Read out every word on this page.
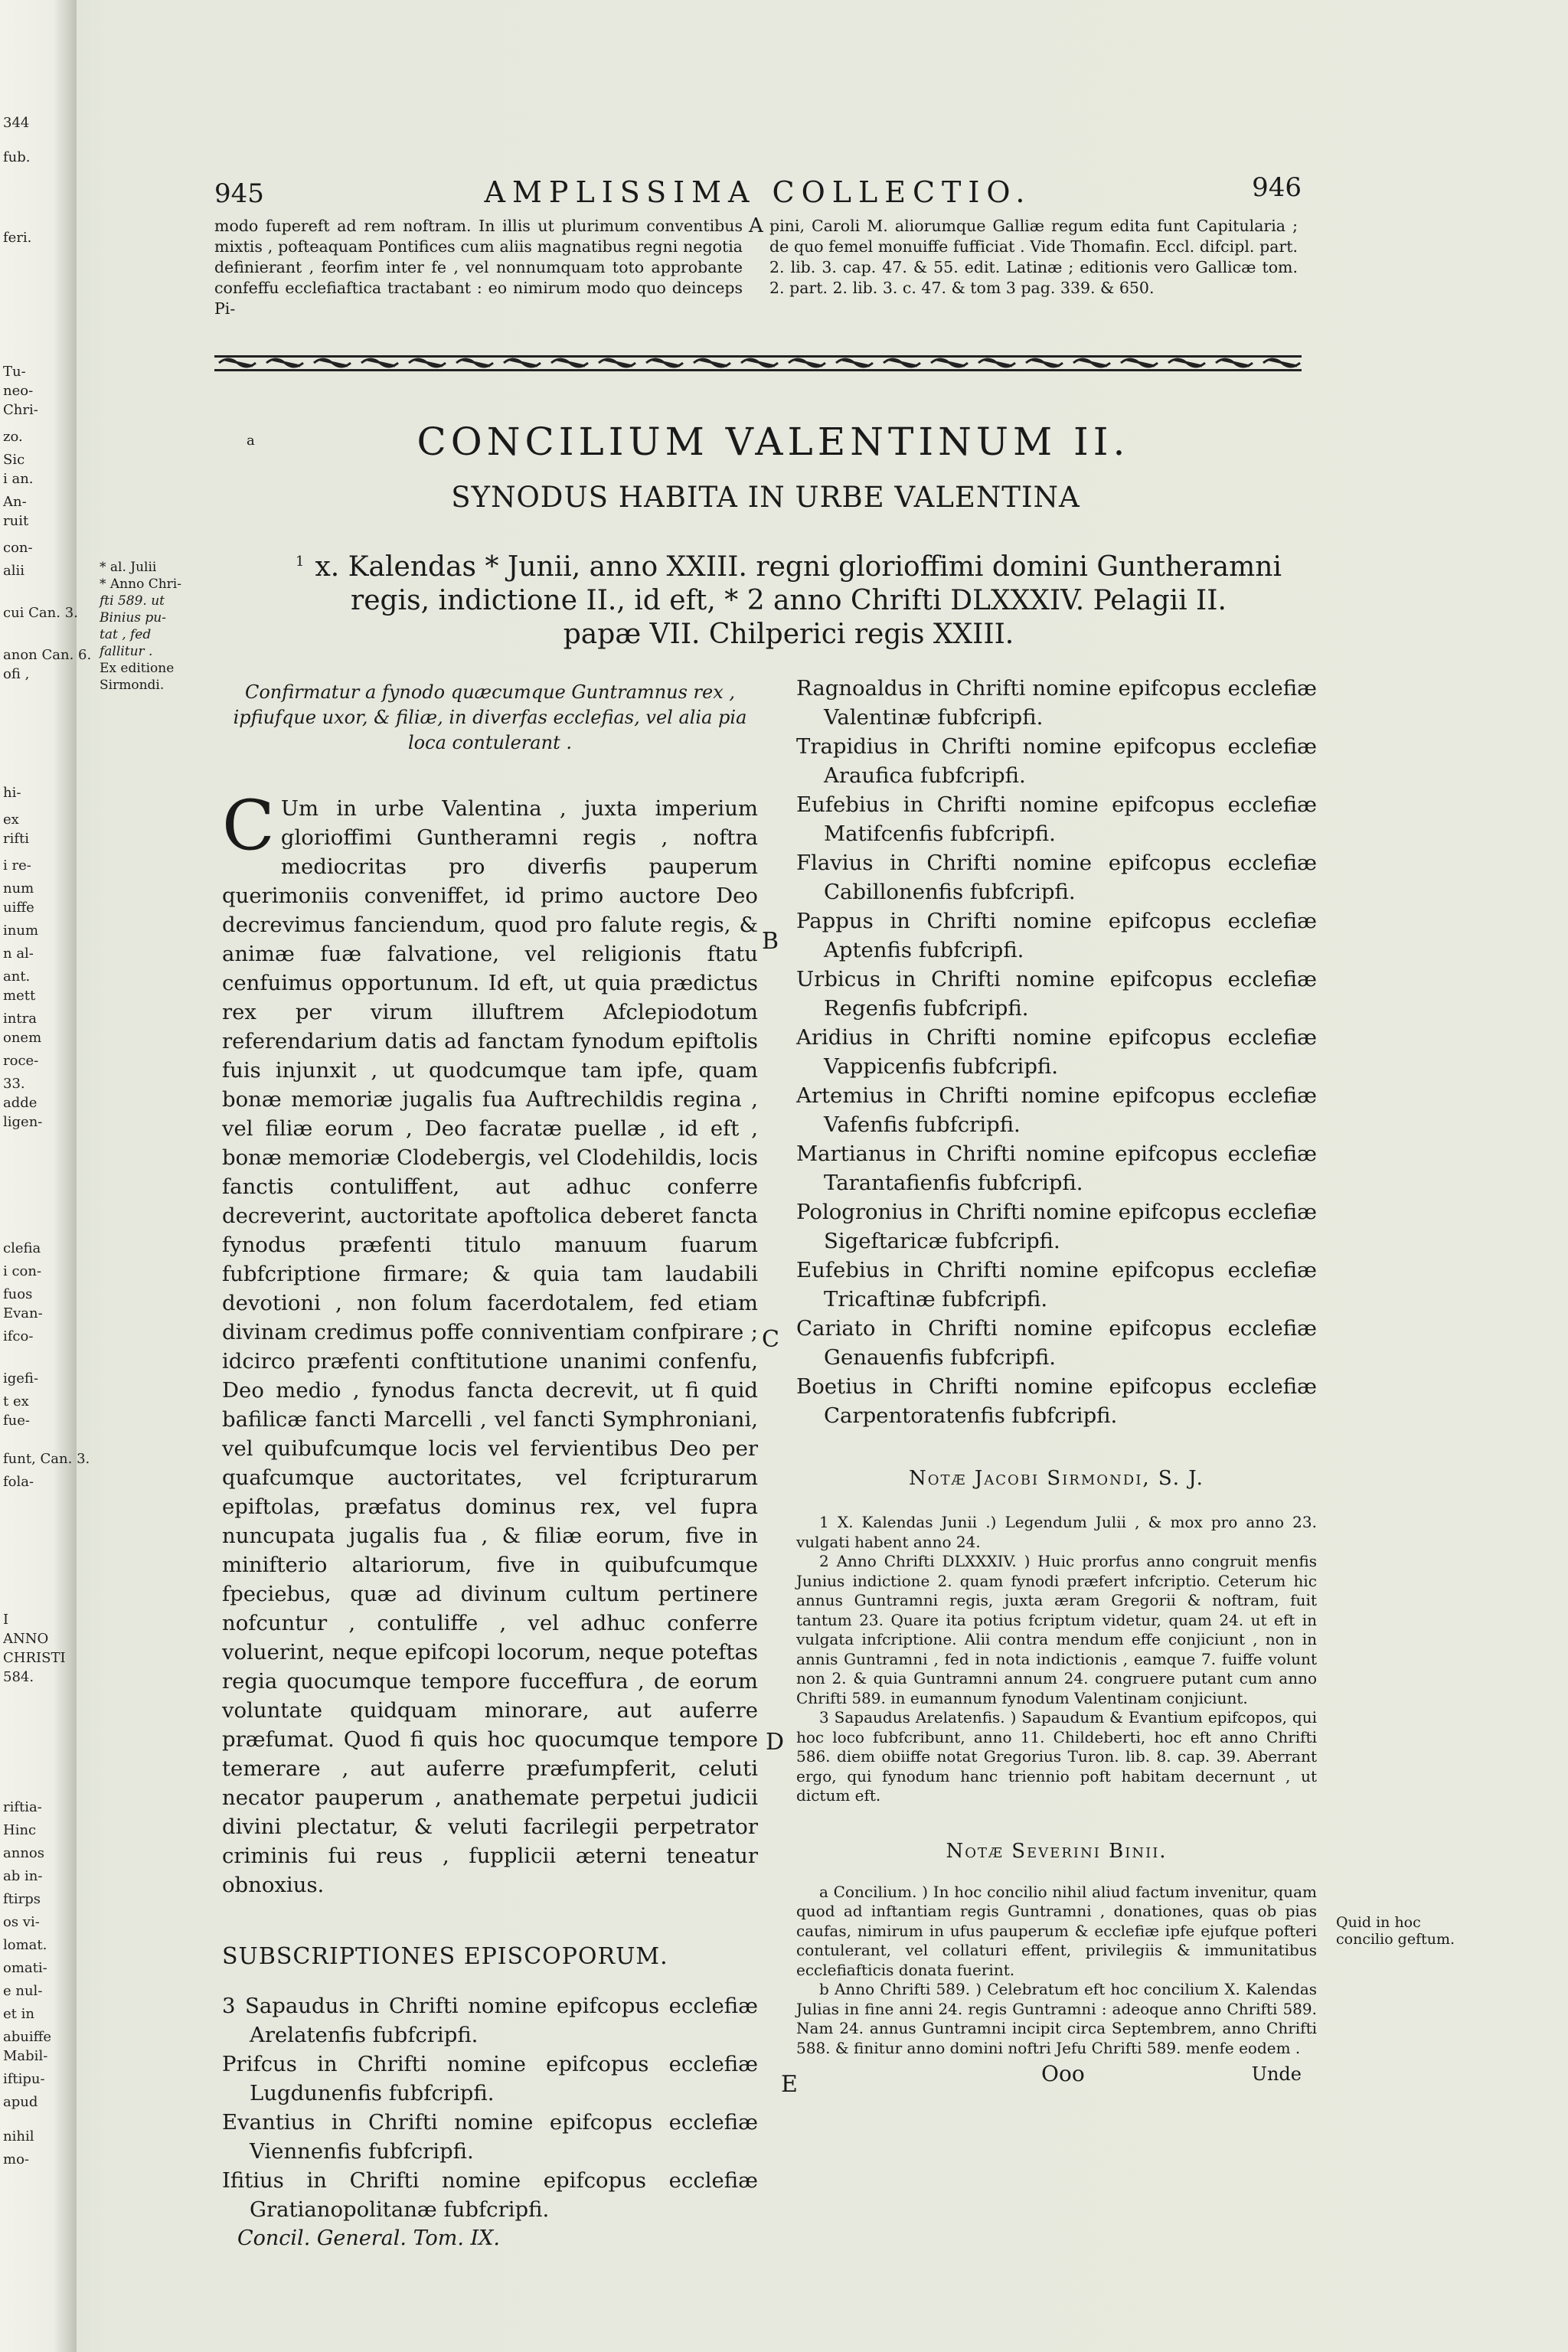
344
fub.
feri.
Tu-
neo-
Chri-
zo.
Sic
i an.
An-
ruit
con-
alii
cui Can. 3.
anon Can. 6.
ofi ,
hi-
ex
rifti
i re-
num
uiffe
inum
n al-
ant.
mett
intra
onem
roce-
33.
adde
ligen-
clefia
i con-
fuos
Evan-
ifco-
igefi-
t ex
fue-
funt, Can. 3.
fola-
I
ANNO
CHRISTI
584.
riftia-
Hinc
annos
ab in-
ftirps
os vi-
lomat.
omati-
e nul-
et in
abuiffe
Mabil-
iftipu-
apud
nihil
mo-
945	AMPLISSIMA COLLECTIO.	946

modo fupereft ad rem noftram. In illis ut plurimum conventibus mixtis , pofteaquam Pontifices cum aliis magnatibus regni negotia definierant , feorfim inter fe , vel nonnumquam toto approbante confeffu ecclefiaftica tractabant : eo nimirum modo quo deinceps Pi-

A pini, Caroli M. aliorumque Galliæ regum edita funt Capitularia ; de quo femel monuiffe fufficiat . Vide Thomafin. Eccl. difcipl. part. 2. lib. 3. cap. 47. & 55. edit. Latinæ ; editionis vero Gallicæ tom. 2. part. 2. lib. 3. c. 47. & tom 3 pag. 339. & 650.

a	CONCILIUM VALENTINUM II.
SYNODUS HABITA IN URBE VALENTINA
$^1$ x. Kalendas * Junii, anno XXIII. regni glorioffimi domini Guntheramni
regis, indictione II., id eft, * 2 anno Chrifti DLXXXIV. Pelagii II.
papæ VII. Chilperici regis XXIII.
* al. Julii
* Anno Chri-
fti 589. ut
Binius pu-
tat , fed
fallitur .
Ex editione
Sirmondi.	Confirmatur a fynodo quæcumque Guntramnus rex , ipfiufque uxor, & filiæ, in diverfas ecclefias, vel alia pia loca contulerant .

C Um in urbe Valentina , juxta imperium glorioffimi Guntheramni regis , noftra mediocritas pro diverfis pauperum querimoniis conveniffet, id primo auctore Deo decrevimus fanciendum, quod pro falute regis, & animæ fuæ falvatione, vel religionis ftatu cenfuimus opportunum. Id eft, ut quia prædictus rex per virum illuftrem Afclepiodotum referendarium datis ad fanctam fynodum epiftolis fuis injunxit , ut quodcumque tam ipfe, quam bonæ memoriæ jugalis fua Auftrechildis regina , vel filiæ eorum , Deo facratæ puellæ , id eft , bonæ memoriæ Clodebergis, vel Clodehildis, locis fanctis contuliffent, aut adhuc conferre decreverint, auctoritate apoftolica deberet fancta fynodus præfenti titulo manuum fuarum fubfcriptione firmare; & quia tam laudabili devotioni , non folum facerdotalem, fed etiam divinam credimus poffe conniventiam confpirare ; idcirco præfenti conftitutione unanimi confenfu, Deo medio , fynodus fancta decrevit, ut fi quid bafilicæ fancti Marcelli , vel fancti Symphroniani, vel quibufcumque locis vel fervientibus Deo per quafcumque auctoritates, vel fcripturarum epiftolas, præfatus dominus rex, vel fupra nuncupata jugalis fua , & filiæ eorum, five in minifterio altariorum, five in quibufcumque fpeciebus, quæ ad divinum cultum pertinere nofcuntur , contuliffe , vel adhuc conferre voluerint, neque epifcopi locorum, neque poteftas regia quocumque tempore fucceffura , de eorum voluntate quidquam minorare, aut auferre præfumat. Quod fi quis hoc quocumque tempore temerare , aut auferre præfumpferit, celuti necator pauperum , anathemate perpetui judicii divini plectatur, & veluti facrilegii perpetrator criminis fui reus , fupplicii æterni teneatur obnoxius.

SUBSCRIPTIONES EPISCOPORUM.

3 Sapaudus in Chrifti nomine epifcopus ecclefiæ Arelatenfis fubfcripfi.

Prifcus in Chrifti nomine epifcopus ecclefiæ Lugdunenfis fubfcripfi.

Evantius in Chrifti nomine epifcopus ecclefiæ Viennenfis fubfcripfi.

Ifitius in Chrifti nomine epifcopus ecclefiæ Gratianopolitanæ fubfcripfi.

Concil. General. Tom. IX.
B
C
D
E

Ragnoaldus in Chrifti nomine epifcopus ecclefiæ Valentinæ fubfcripfi.

Trapidius in Chrifti nomine epifcopus ecclefiæ Araufica fubfcripfi.

Eufebius in Chrifti nomine epifcopus ecclefiæ Matifcenfis fubfcripfi.

Flavius in Chrifti nomine epifcopus ecclefiæ Cabillonenfis fubfcripfi.

Pappus in Chrifti nomine epifcopus ecclefiæ Aptenfis fubfcripfi.

Urbicus in Chrifti nomine epifcopus ecclefiæ Regenfis fubfcripfi.

Aridius in Chrifti nomine epifcopus ecclefiæ Vappicenfis fubfcripfi.

Artemius in Chrifti nomine epifcopus ecclefiæ Vafenfis fubfcripfi.

Martianus in Chrifti nomine epifcopus ecclefiæ Tarantafienfis fubfcripfi.

Pologronius in Chrifti nomine epifcopus ecclefiæ Sigeftaricæ fubfcripfi.

Eufebius in Chrifti nomine epifcopus ecclefiæ Tricaftinæ fubfcripfi.

Cariato in Chrifti nomine epifcopus ecclefiæ Genauenfis fubfcripfi.

Boetius in Chrifti nomine epifcopus ecclefiæ Carpentoratenfis fubfcripfi.

Notæ Jacobi Sirmondi, S. J.

1 X. Kalendas Junii .) Legendum Julii , & mox pro anno 23. vulgati habent anno 24.

2 Anno Chrifti DLXXXIV. ) Huic prorfus anno congruit menfis Junius indictione 2. quam fynodi præfert infcriptio. Ceterum hic annus Guntramni regis, juxta æram Gregorii & noftram, fuit tantum 23. Quare ita potius fcriptum videtur, quam 24. ut eft in vulgata infcriptione. Alii contra mendum effe conjiciunt , non in annis Guntramni , fed in nota indictionis , eamque 7. fuiffe volunt non 2. & quia Guntramni annum 24. congruere putant cum anno Chrifti 589. in eumannum fynodum Valentinam conjiciunt.

3 Sapaudus Arelatenfis. ) Sapaudum & Evantium epifcopos, qui hoc loco fubfcribunt, anno 11. Childeberti, hoc eft anno Chrifti 586. diem obiiffe notat Gregorius Turon. lib. 8. cap. 39. Aberrant ergo, qui fynodum hanc triennio poft habitam decernunt , ut dictum eft.

Notæ Severini Binii.

a Concilium. ) In hoc concilio nihil aliud factum invenitur, quam quod ad inftantiam regis Guntramni , donationes, quas ob pias caufas, nimirum in ufus pauperum & ecclefiæ ipfe ejufque pofteri contulerant, vel collaturi effent, privilegiis & immunitatibus ecclefiafticis donata fuerint.

b Anno Chrifti 589. ) Celebratum eft hoc concilium X. Kalendas Julias in fine anni 24. regis Guntramni : adeoque anno Chrifti 589. Nam 24. annus Guntramni incipit circa Septembrem, anno Chrifti 588. & finitur anno domini noftri Jefu Chrifti 589. menfe eodem .

Ooo	Unde
Quid in hoc concilio geftum.
